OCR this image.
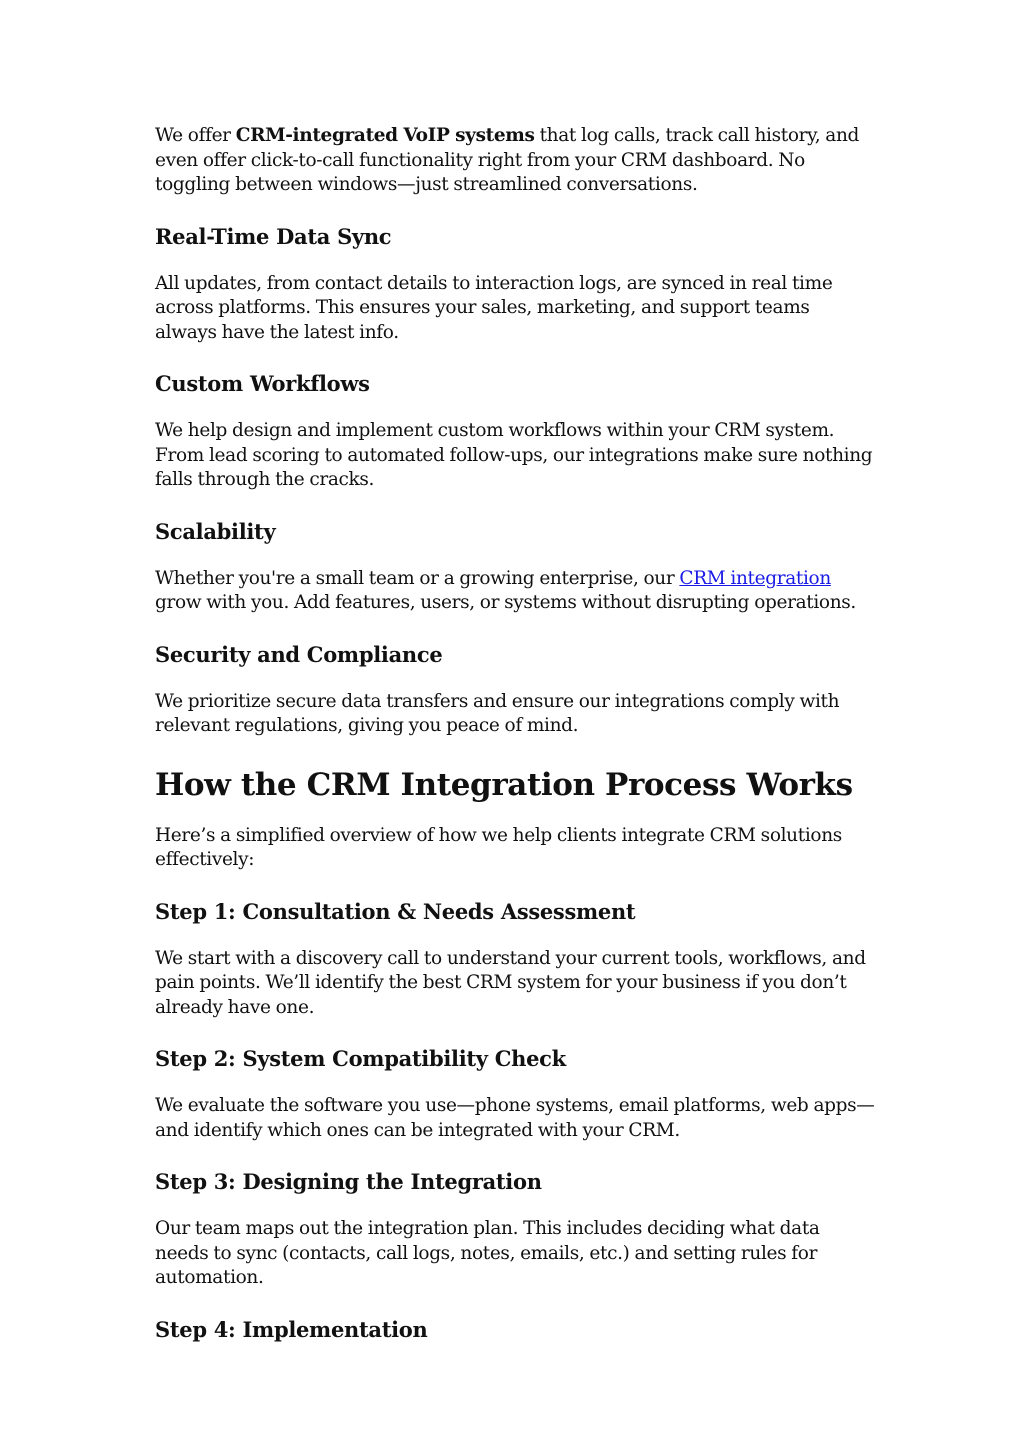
We offer CRM-integrated VoIP systems that log calls, track call history, and even offer click-to-call functionality right from your CRM dashboard. No toggling between windows—just streamlined conversations.

Real-Time Data Sync

All updates, from contact details to interaction logs, are synced in real time across platforms. This ensures your sales, marketing, and support teams always have the latest info.

Custom Workflows

We help design and implement custom workflows within your CRM system. From lead scoring to automated follow-ups, our integrations make sure nothing falls through the cracks.

Scalability

Whether you're a small team or a growing enterprise, our CRM integration grow with you. Add features, users, or systems without disrupting operations.

Security and Compliance

We prioritize secure data transfers and ensure our integrations comply with relevant regulations, giving you peace of mind.

How the CRM Integration Process Works

Here’s a simplified overview of how we help clients integrate CRM solutions effectively:

Step 1: Consultation & Needs Assessment

We start with a discovery call to understand your current tools, workflows, and pain points. We’ll identify the best CRM system for your business if you don’t already have one.

Step 2: System Compatibility Check

We evaluate the software you use—phone systems, email platforms, web apps—and identify which ones can be integrated with your CRM.

Step 3: Designing the Integration

Our team maps out the integration plan. This includes deciding what data needs to sync (contacts, call logs, notes, emails, etc.) and setting rules for automation.

Step 4: Implementation
